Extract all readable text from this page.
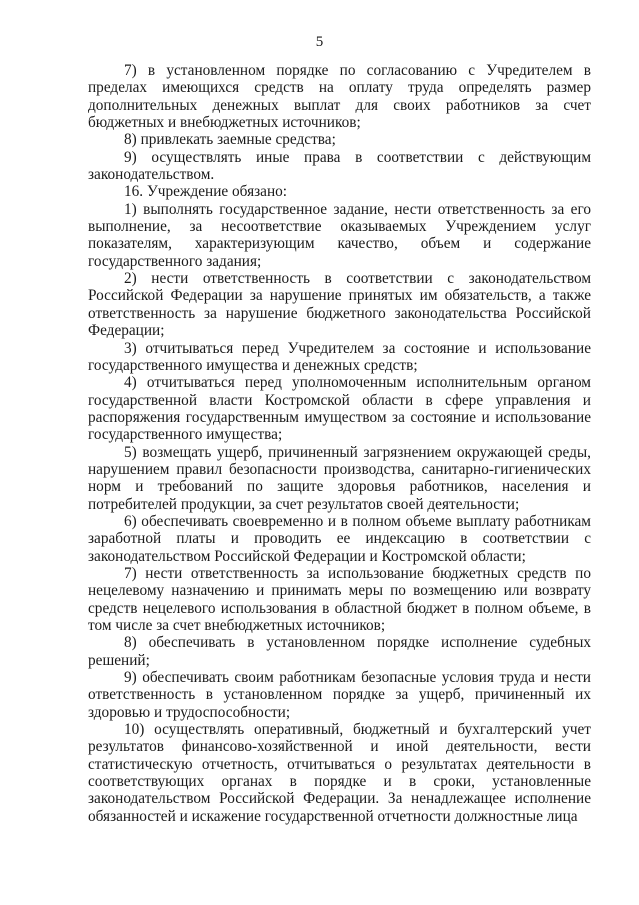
5

7) в установленном порядке по согласованию с Учредителем в пределах имеющихся средств на оплату труда определять размер дополнительных денежных выплат для своих работников за счет бюджетных и внебюджетных источников;

8) привлекать заемные средства;

9) осуществлять иные права в соответствии с действующим законодательством.

16. Учреждение обязано:

1) выполнять государственное задание, нести ответственность за его выполнение, за несоответствие оказываемых Учреждением услуг показателям, характеризующим качество, объем и содержание государственного задания;

2) нести ответственность в соответствии с законодательством Российской Федерации за нарушение принятых им обязательств, а также ответственность за нарушение бюджетного законодательства Российской Федерации;

3) отчитываться перед Учредителем за состояние и использование государственного имущества и денежных средств;

4) отчитываться перед уполномоченным исполнительным органом государственной власти Костромской области в сфере управления и распоряжения государственным имуществом за состояние и использование государственного имущества;

5) возмещать ущерб, причиненный загрязнением окружающей среды, нарушением правил безопасности производства, санитарно-гигиенических норм и требований по защите здоровья работников, населения и потребителей продукции, за счет результатов своей деятельности;

6) обеспечивать своевременно и в полном объеме выплату работникам заработной платы и проводить ее индексацию в соответствии с законодательством Российской Федерации и Костромской области;

7) нести ответственность за использование бюджетных средств по нецелевому назначению и принимать меры по возмещению или возврату средств нецелевого использования в областной бюджет в полном объеме, в том числе за счет внебюджетных источников;

8) обеспечивать в установленном порядке исполнение судебных решений;

9) обеспечивать своим работникам безопасные условия труда и нести ответственность в установленном порядке за ущерб, причиненный их здоровью и трудоспособности;

10) осуществлять оперативный, бюджетный и бухгалтерский учет результатов финансово-хозяйственной и иной деятельности, вести статистическую отчетность, отчитываться о результатах деятельности в соответствующих органах в порядке и в сроки, установленные законодательством Российской Федерации. За ненадлежащее исполнение обязанностей и искажение государственной отчетности должностные лица
